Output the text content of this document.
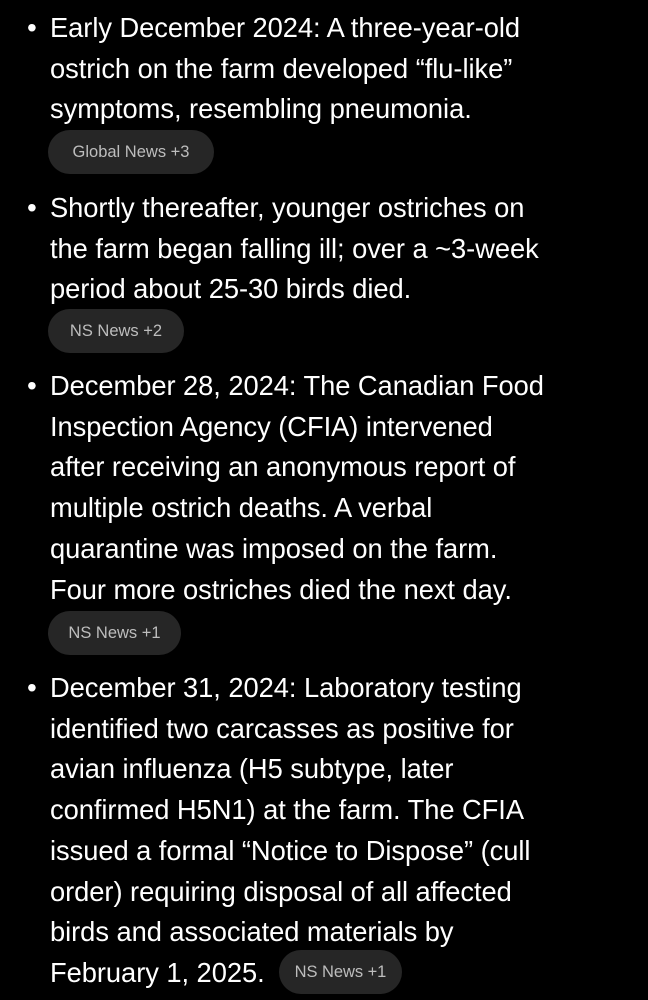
• Early December 2024: A three-year-old
ostrich on the farm developed “flu-like”
symptoms, resembling pneumonia.
Global News +3
• Shortly thereafter, younger ostriches on
the farm began falling ill; over a ~3-week
period about 25-30 birds died.
NS News +2
• December 28, 2024: The Canadian Food
Inspection Agency (CFIA) intervened
after receiving an anonymous report of
multiple ostrich deaths. A verbal
quarantine was imposed on the farm.
Four more ostriches died the next day.
NS News +1
• December 31, 2024: Laboratory testing
identified two carcasses as positive for
avian influenza (H5 subtype, later
confirmed H5N1) at the farm. The CFIA
issued a formal “Notice to Dispose” (cull
order) requiring disposal of all affected
birds and associated materials by
February 1, 2025. NS News +1
